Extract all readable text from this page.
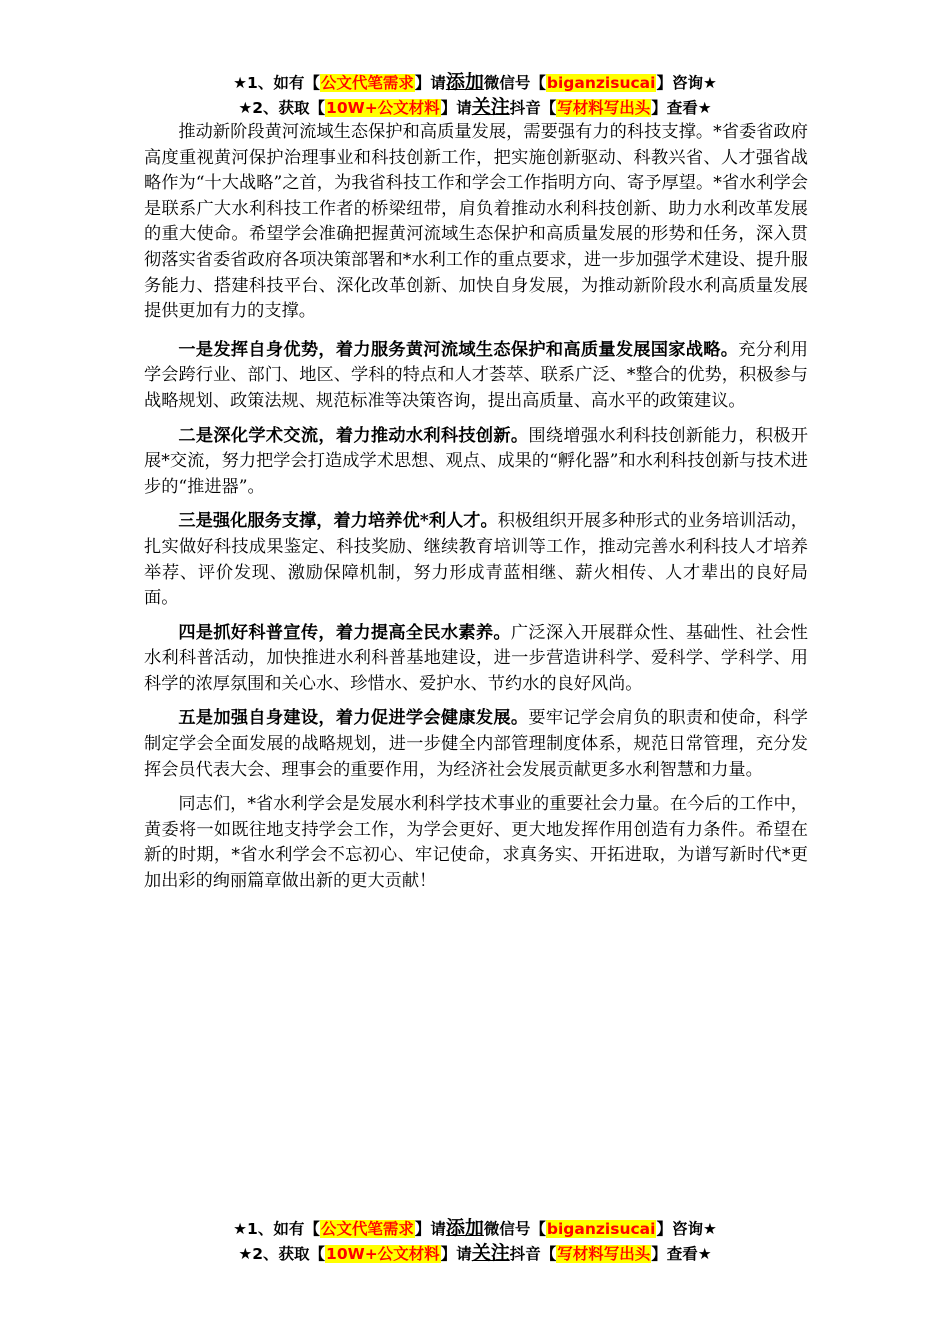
★1、如有【公文代笔需求】请添加微信号【biganzisucai】咨询★
★2、获取【10W+公文材料】请关注抖音【写材料写出头】查看★

推动新阶段黄河流域生态保护和高质量发展，需要强有力的科技支撑。*省委省政府高度重视黄河保护治理事业和科技创新工作，把实施创新驱动、科教兴省、人才强省战略作为“十大战略”之首，为我省科技工作和学会工作指明方向、寄予厚望。*省水利学会是联系广大水利科技工作者的桥梁纽带，肩负着推动水利科技创新、助力水利改革发展的重大使命。希望学会准确把握黄河流域生态保护和高质量发展的形势和任务，深入贯彻落实省委省政府各项决策部署和*水利工作的重点要求，进一步加强学术建设、提升服务能力、搭建科技平台、深化改革创新、加快自身发展，为推动新阶段水利高质量发展提供更加有力的支撑。

一是发挥自身优势，着力服务黄河流域生态保护和高质量发展国家战略。充分利用学会跨行业、部门、地区、学科的特点和人才荟萃、联系广泛、*整合的优势，积极参与战略规划、政策法规、规范标准等决策咨询，提出高质量、高水平的政策建议。

二是深化学术交流，着力推动水利科技创新。围绕增强水利科技创新能力，积极开展*交流，努力把学会打造成学术思想、观点、成果的“孵化器”和水利科技创新与技术进步的“推进器”。

三是强化服务支撑，着力培养优*利人才。积极组织开展多种形式的业务培训活动，扎实做好科技成果鉴定、科技奖励、继续教育培训等工作，推动完善水利科技人才培养举荐、评价发现、激励保障机制，努力形成青蓝相继、薪火相传、人才辈出的良好局面。

四是抓好科普宣传，着力提高全民水素养。广泛深入开展群众性、基础性、社会性水利科普活动，加快推进水利科普基地建设，进一步营造讲科学、爱科学、学科学、用科学的浓厚氛围和关心水、珍惜水、爱护水、节约水的良好风尚。

五是加强自身建设，着力促进学会健康发展。要牢记学会肩负的职责和使命，科学制定学会全面发展的战略规划，进一步健全内部管理制度体系，规范日常管理，充分发挥会员代表大会、理事会的重要作用，为经济社会发展贡献更多水利智慧和力量。

同志们，*省水利学会是发展水利科学技术事业的重要社会力量。在今后的工作中，黄委将一如既往地支持学会工作，为学会更好、更大地发挥作用创造有力条件。希望在新的时期，*省水利学会不忘初心、牢记使命，求真务实、开拓进取，为谱写新时代*更加出彩的绚丽篇章做出新的更大贡献！

★1、如有【公文代笔需求】请添加微信号【biganzisucai】咨询★
★2、获取【10W+公文材料】请关注抖音【写材料写出头】查看★
